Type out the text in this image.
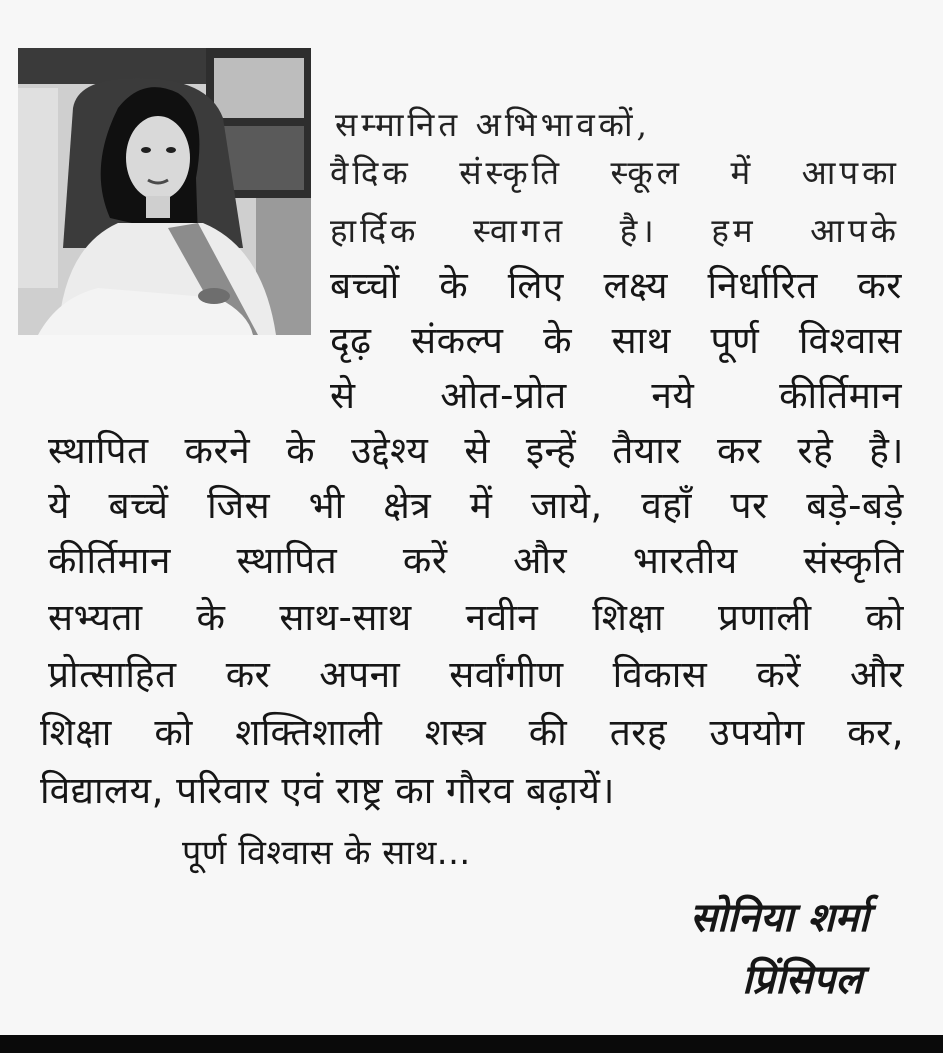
सम्मानित अभिभावकों,
वैदिक संस्कृति स्कूल में आपका
हार्दिक स्वागत है। हम आपके
बच्चों के लिए लक्ष्य निर्धारित कर
दृढ़ संकल्प के साथ पूर्ण विश्वास
से ओत-प्रोत नये कीर्तिमान
स्थापित करने के उद्देश्य से इन्हें तैयार कर रहे है।
ये बच्चें जिस भी क्षेत्र में जाये, वहाँ पर बड़े-बड़े
कीर्तिमान स्थापित करें और भारतीय संस्कृति
सभ्यता के साथ-साथ नवीन शिक्षा प्रणाली को
प्रोत्साहित कर अपना सर्वांगीण विकास करें और
शिक्षा को शक्तिशाली शस्त्र की तरह उपयोग कर,
विद्यालय, परिवार एवं राष्ट्र का गौरव बढ़ायें।
पूर्ण विश्वास के साथ...
सोनिया शर्मा
प्रिंसिपल
